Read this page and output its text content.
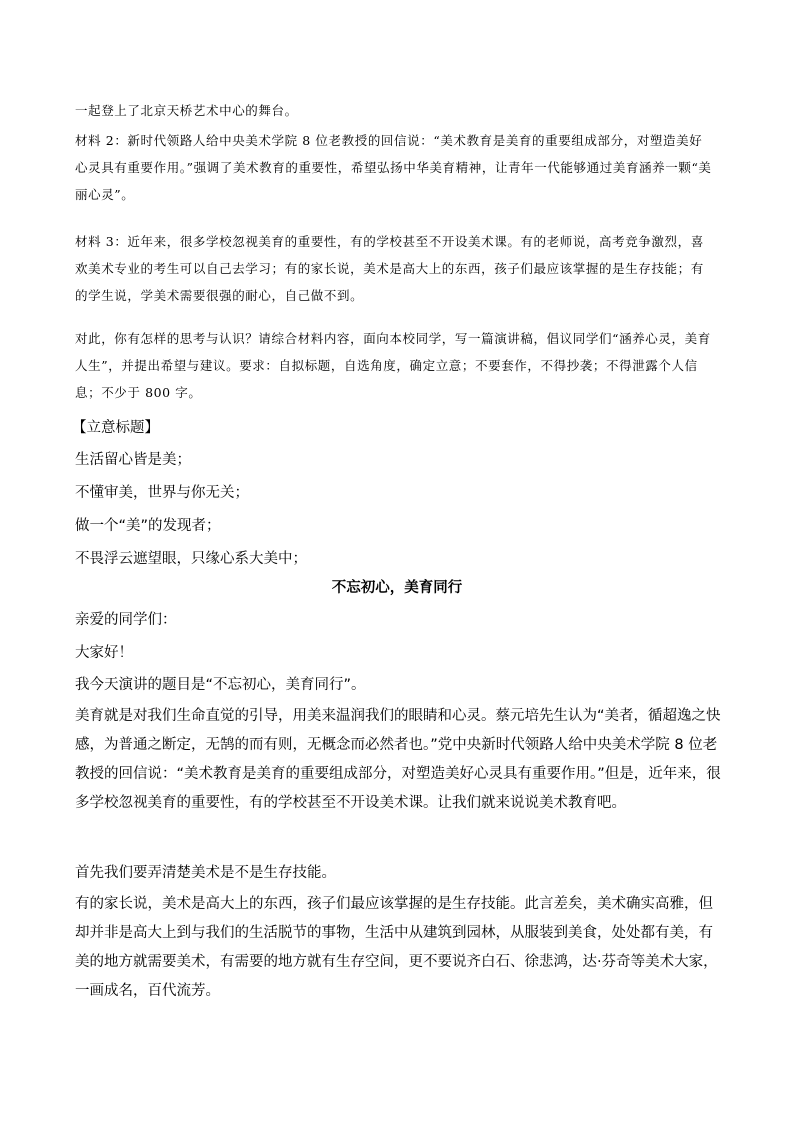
一起登上了北京天桥艺术中心的舞台。

材料 2：新时代领路人给中央美术学院 8 位老教授的回信说：“美术教育是美育的重要组成部分，对塑造美好心灵具有重要作用。”强调了美术教育的重要性，希望弘扬中华美育精神，让青年一代能够通过美育涵养一颗“美丽心灵”。

材料 3：近年来，很多学校忽视美育的重要性，有的学校甚至不开设美术课。有的老师说，高考竞争激烈，喜欢美术专业的考生可以自己去学习；有的家长说，美术是高大上的东西，孩子们最应该掌握的是生存技能；有的学生说，学美术需要很强的耐心，自己做不到。

对此，你有怎样的思考与认识？请综合材料内容，面向本校同学，写一篇演讲稿，倡议同学们“涵养心灵，美育人生”，并提出希望与建议。要求：自拟标题，自选角度，确定立意；不要套作，不得抄袭；不得泄露个人信息；不少于 800 字。

【立意标题】

生活留心皆是美；

不懂审美，世界与你无关；

做一个“美”的发现者；

不畏浮云遮望眼，只缘心系大美中；

不忘初心，美育同行

亲爱的同学们：

大家好！

我今天演讲的题目是“不忘初心，美育同行”。

美育就是对我们生命直觉的引导，用美来温润我们的眼睛和心灵。蔡元培先生认为“美者，循超逸之快感，为普通之断定，无鹄的而有则，无概念而必然者也。”党中央新时代领路人给中央美术学院 8 位老教授的回信说：“美术教育是美育的重要组成部分，对塑造美好心灵具有重要作用。”但是，近年来，很多学校忽视美育的重要性，有的学校甚至不开设美术课。让我们就来说说美术教育吧。

首先我们要弄清楚美术是不是生存技能。

有的家长说，美术是高大上的东西，孩子们最应该掌握的是生存技能。此言差矣，美术确实高雅，但却并非是高大上到与我们的生活脱节的事物，生活中从建筑到园林，从服装到美食，处处都有美，有美的地方就需要美术，有需要的地方就有生存空间，更不要说齐白石、徐悲鸿，达·芬奇等美术大家，一画成名，百代流芳。
